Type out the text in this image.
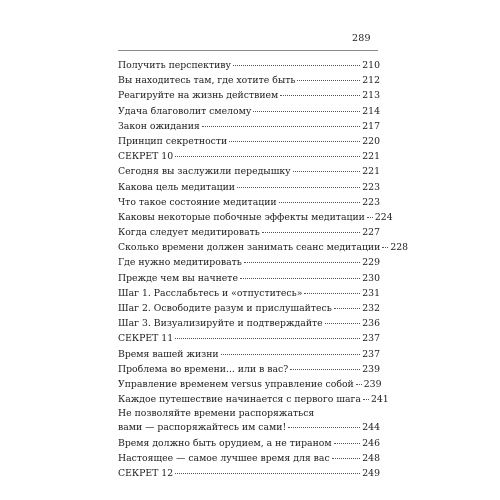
289
Получить перспективу	210
Вы находитесь там, где хотите быть	212
Реагируйте на жизнь действием	213
Удача благоволит смелому	214
Закон ожидания	217
Принцип секретности	220
СЕКРЕТ 10	221
Сегодня вы заслужили передышку	221
Какова цель медитации	223
Что такое состояние медитации	223
Каковы некоторые побочные эффекты медитации 224
Когда следует медитировать	227
Сколько времени должен занимать сеанс медитации 228
Где нужно медитировать	229
Прежде чем вы начнете	230
Шаг 1. Расслабьтесь и «отпуститесь»	231
Шаг 2. Освободите разум и прислушайтесь	232
Шаг 3. Визуализируйте и подтверждайте	236
СЕКРЕТ 11	237
Время вашей жизни	237
Проблема во времени... или в вас?	239
Управление временем versus управление собой 239
Каждое путешествие начинается с первого шага 241
Не позволяйте времени распоряжаться
вами — распоряжайтесь им сами!	244
Время должно быть орудием, а не тираном	246
Настоящее — самое лучшее время для вас	248
СЕКРЕТ 12	249
